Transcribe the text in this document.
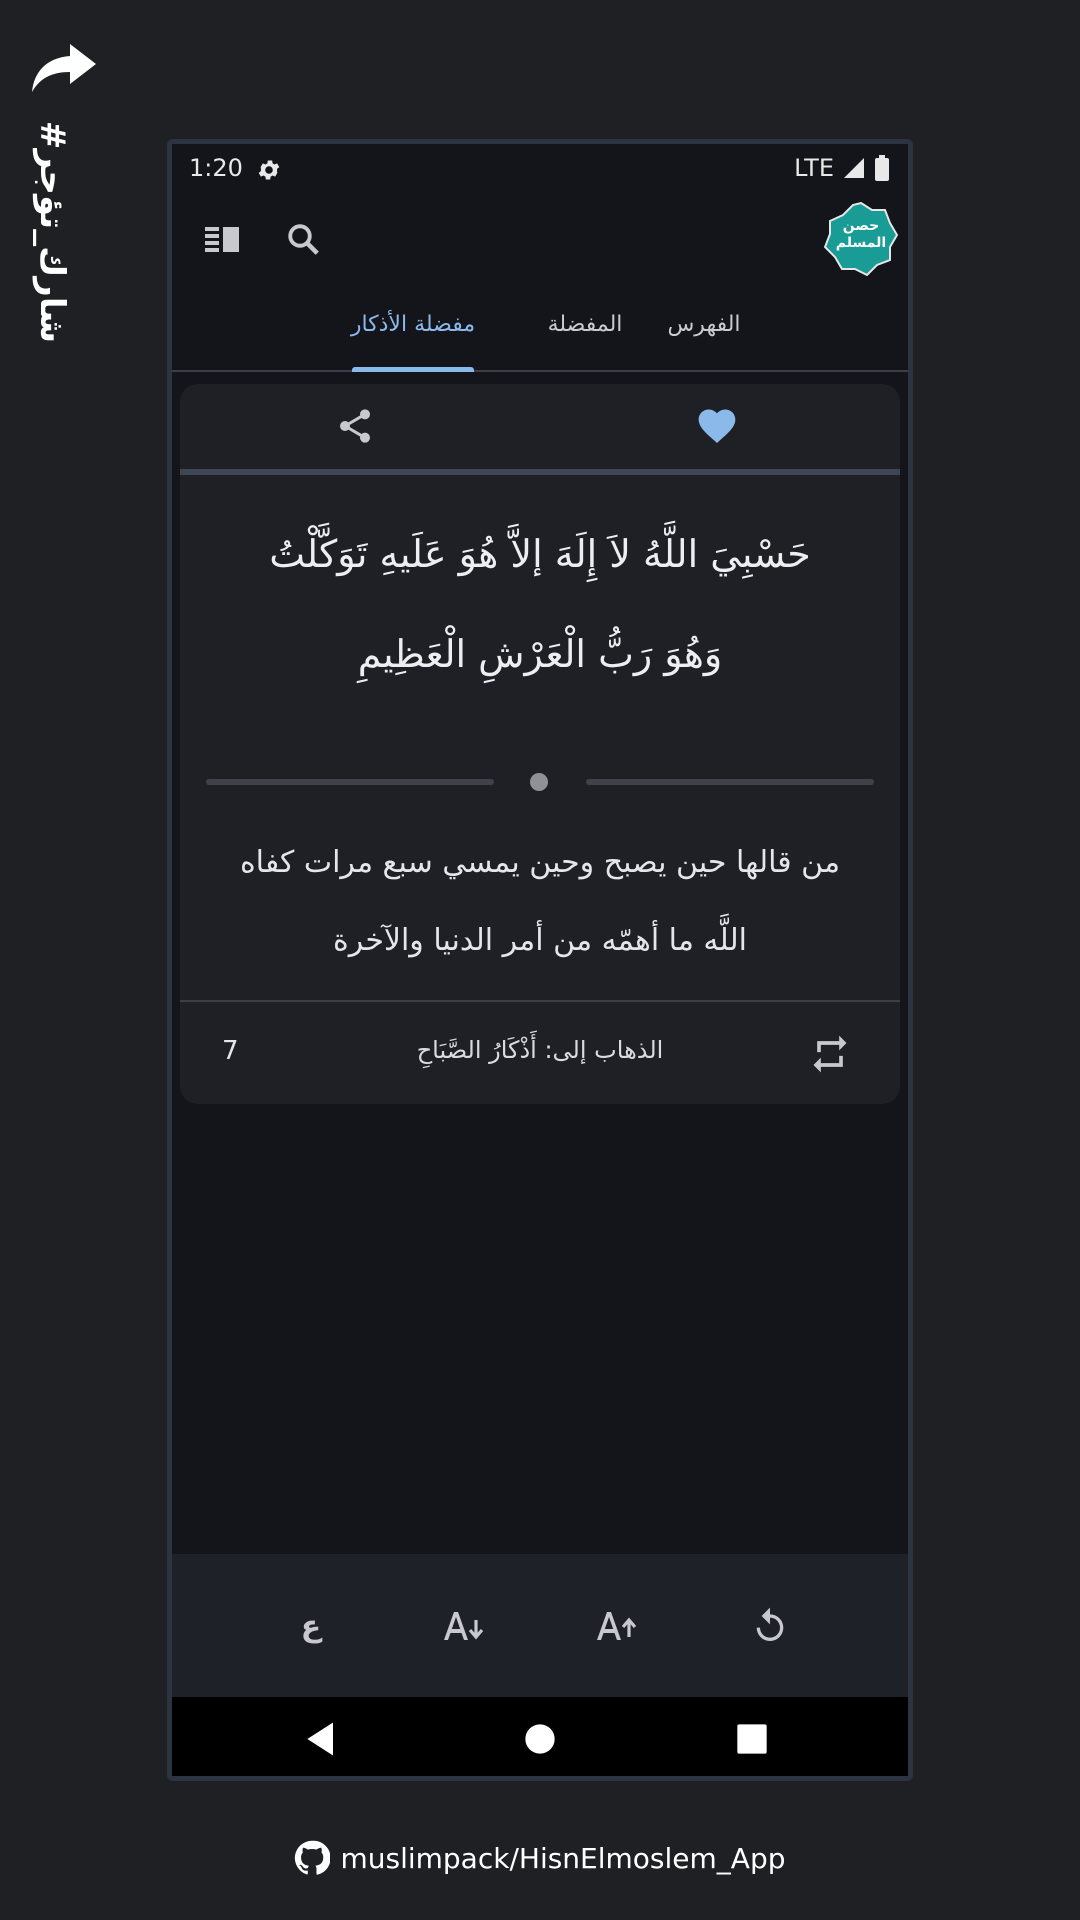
#شارك_تؤجر	1:20	LTE
حصن
المسلم
الفهرس
المفضلة
مفضلة الأذكار
حَسْبِيَ اللَّهُ لاَ إِلَهَ إلاَّ هُوَ عَلَيهِ تَوَكَّلْتُ
وَهُوَ رَبُّ الْعَرْشِ الْعَظِيمِ
من قالها حين يصبح وحين يمسي سبع مرات كفاه
اللَّه ما أهمّه من أمر الدنيا والآخرة
7	الذهاب إلى: أَذْكَارُ الصَّبَاحِ
ع
muslimpack/HisnElmoslem_App
